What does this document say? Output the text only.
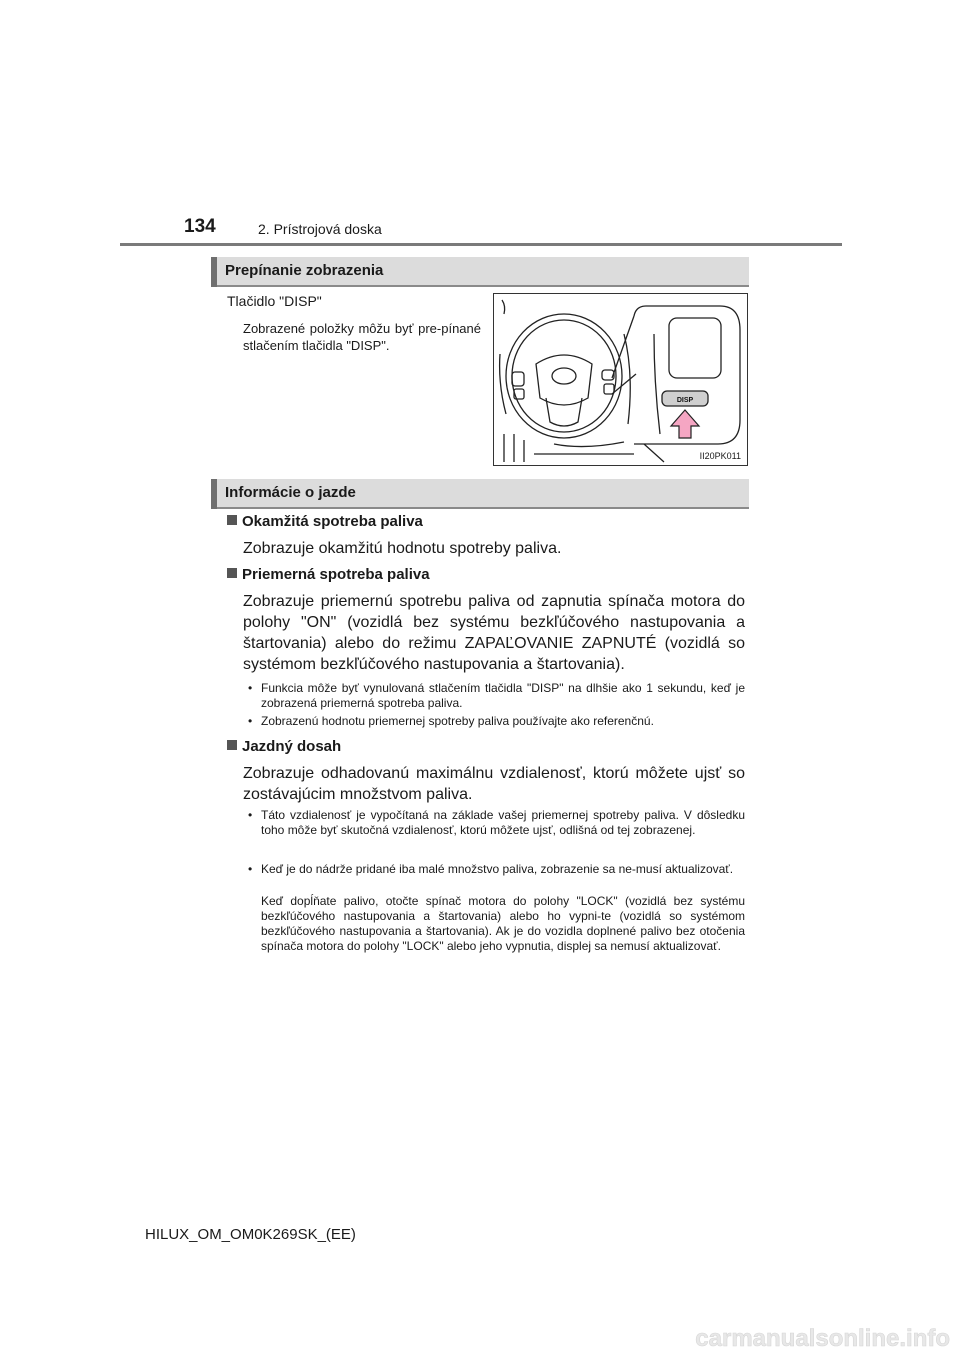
134	2. Prístrojová doska
Prepínanie zobrazenia
Tlačidlo "DISP"
Zobrazené položky môžu byť pre-pínané stlačením tlačidla "DISP".
DISP
II20PK011
Informácie o jazde
Okamžitá spotreba paliva
Zobrazuje okamžitú hodnotu spotreby paliva.
Priemerná spotreba paliva
Zobrazuje priemernú spotrebu paliva od zapnutia spínača motora do polohy "ON" (vozidlá bez systému bezkľúčového nastupovania a štartovania) alebo do režimu ZAPAĽOVANIE ZAPNUTÉ (vozidlá so systémom bezkľúčového nastupovania a štartovania).
• Funkcia môže byť vynulovaná stlačením tlačidla "DISP" na dlhšie ako 1 sekundu, keď je zobrazená priemerná spotreba paliva.
• Zobrazenú hodnotu priemernej spotreby paliva používajte ako referenčnú.
Jazdný dosah
Zobrazuje odhadovanú maximálnu vzdialenosť, ktorú môžete ujsť so zostávajúcim množstvom paliva.
• Táto vzdialenosť je vypočítaná na základe vašej priemernej spotreby paliva. V dôsledku toho môže byť skutočná vzdialenosť, ktorú môžete ujsť, odlišná od tej zobrazenej.
• Keď je do nádrže pridané iba malé množstvo paliva, zobrazenie sa ne-musí aktualizovať.
Keď dopĺňate palivo, otočte spínač motora do polohy "LOCK" (vozidlá bez systému bezkľúčového nastupovania a štartovania) alebo ho vypni-te (vozidlá so systémom bezkľúčového nastupovania a štartovania). Ak je do vozidla doplnené palivo bez otočenia spínača motora do polohy "LOCK" alebo jeho vypnutia, displej sa nemusí aktualizovať.
HILUX_OM_OM0K269SK_(EE)
carmanualsonline.info
